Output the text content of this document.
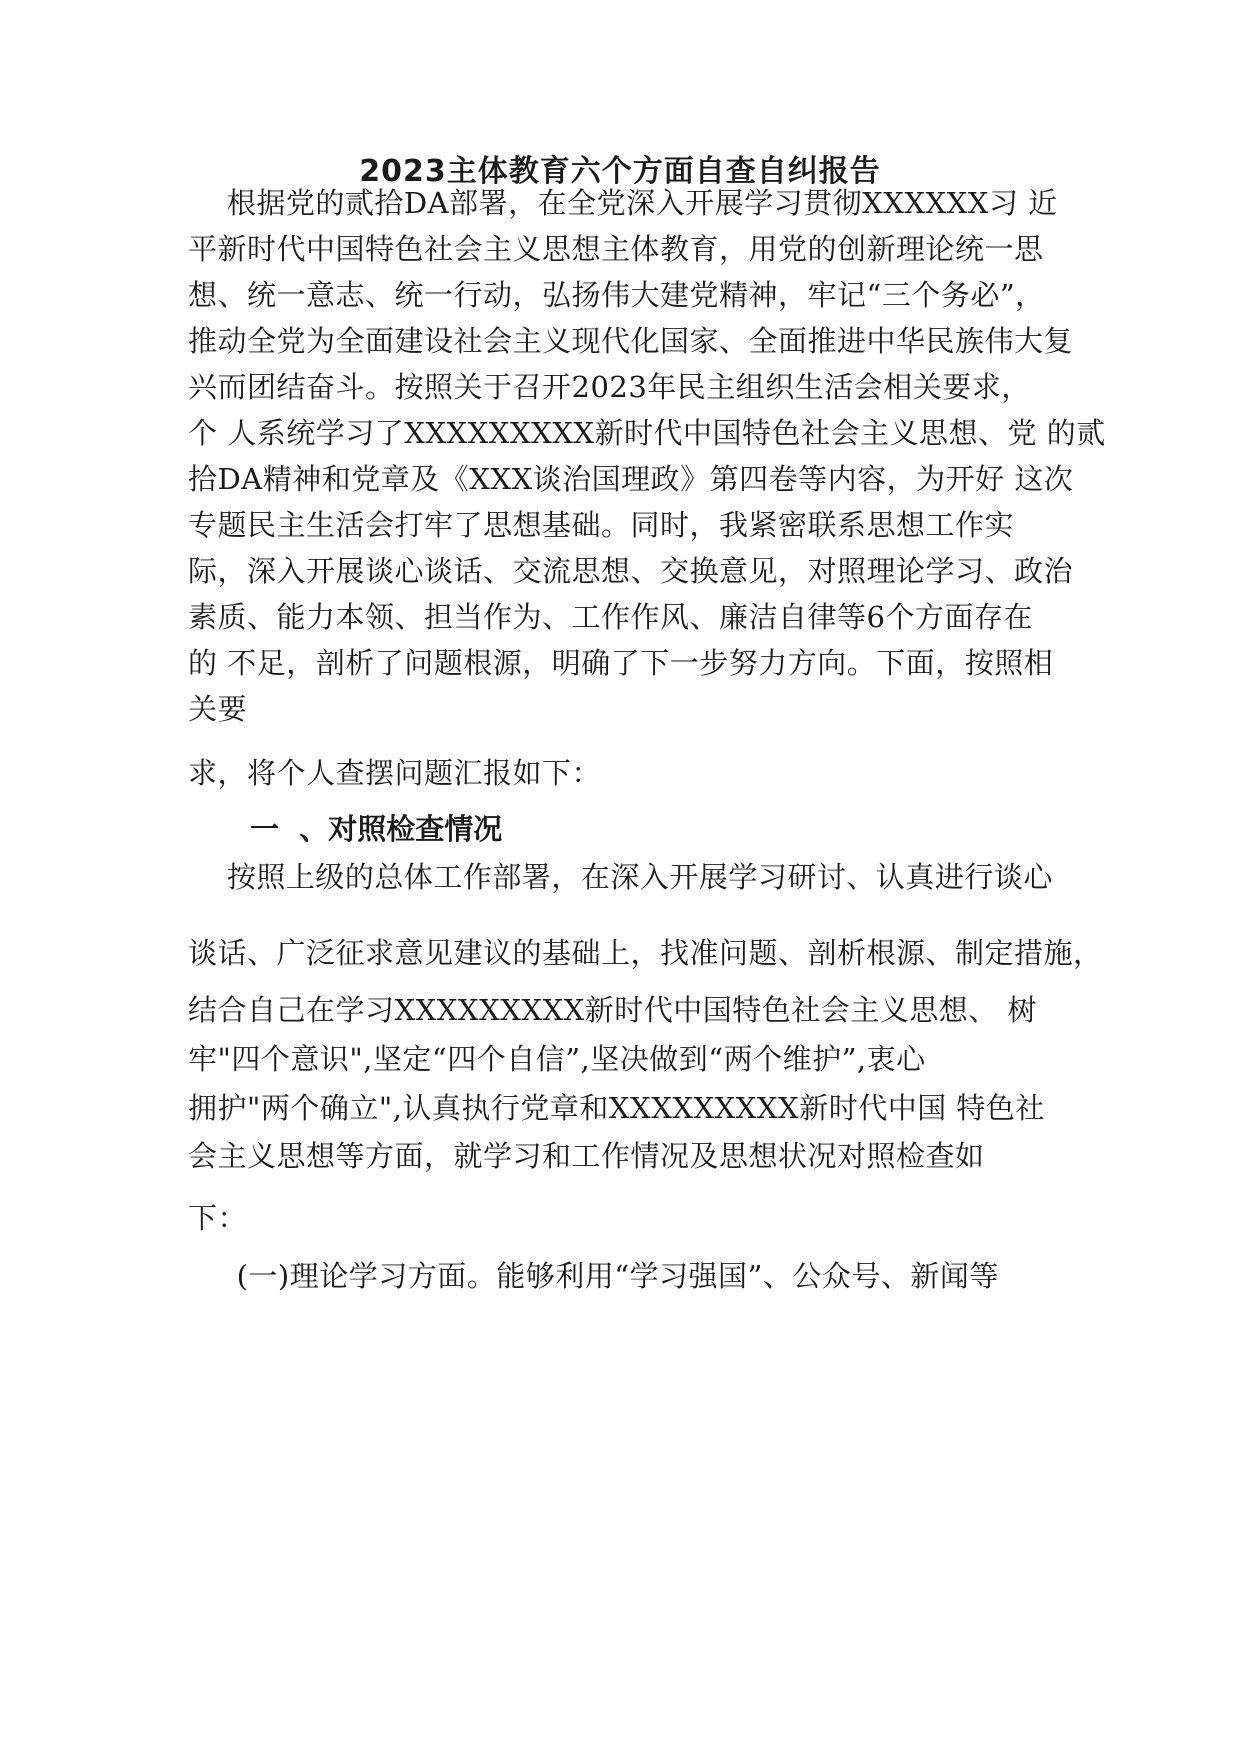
2023主体教育六个方面自查自纠报告
根据党的贰拾DA部署，在全党深入开展学习贯彻XXXXXX习 近
平新时代中国特色社会主义思想主体教育，用党的创新理论统一思
想、统一意志、统一行动，弘扬伟大建党精神，牢记“三个务必”，
推动全党为全面建设社会主义现代化国家、全面推进中华民族伟大复
兴而团结奋斗。按照关于召开2023年民主组织生活会相关要求，
个 人系统学习了XXXXXXXXX新时代中国特色社会主义思想、党 的贰
拾DA精神和党章及《XXX谈治国理政》第四卷等内容，为开好 这次
专题民主生活会打牢了思想基础。同时，我紧密联系思想工作实
际，深入开展谈心谈话、交流思想、交换意见，对照理论学习、政治
素质、能力本领、担当作为、工作作风、廉洁自律等6个方面存在
的 不足，剖析了问题根源，明确了下一步努力方向。下面，按照相
关要
求，将个人查摆问题汇报如下：
一  、对照检查情况
按照上级的总体工作部署，在深入开展学习研讨、认真进行谈心
谈话、广泛征求意见建议的基础上，找准问题、剖析根源、制定措施，
结合自己在学习XXXXXXXXX新时代中国特色社会主义思想、 树
牢"四个意识",坚定“四个自信”,坚决做到“两个维护”,衷心
拥护"两个确立",认真执行党章和XXXXXXXXX新时代中国 特色社
会主义思想等方面，就学习和工作情况及思想状况对照检查如
下：
(一)理论学习方面。能够利用“学习强国”、公众号、新闻等
